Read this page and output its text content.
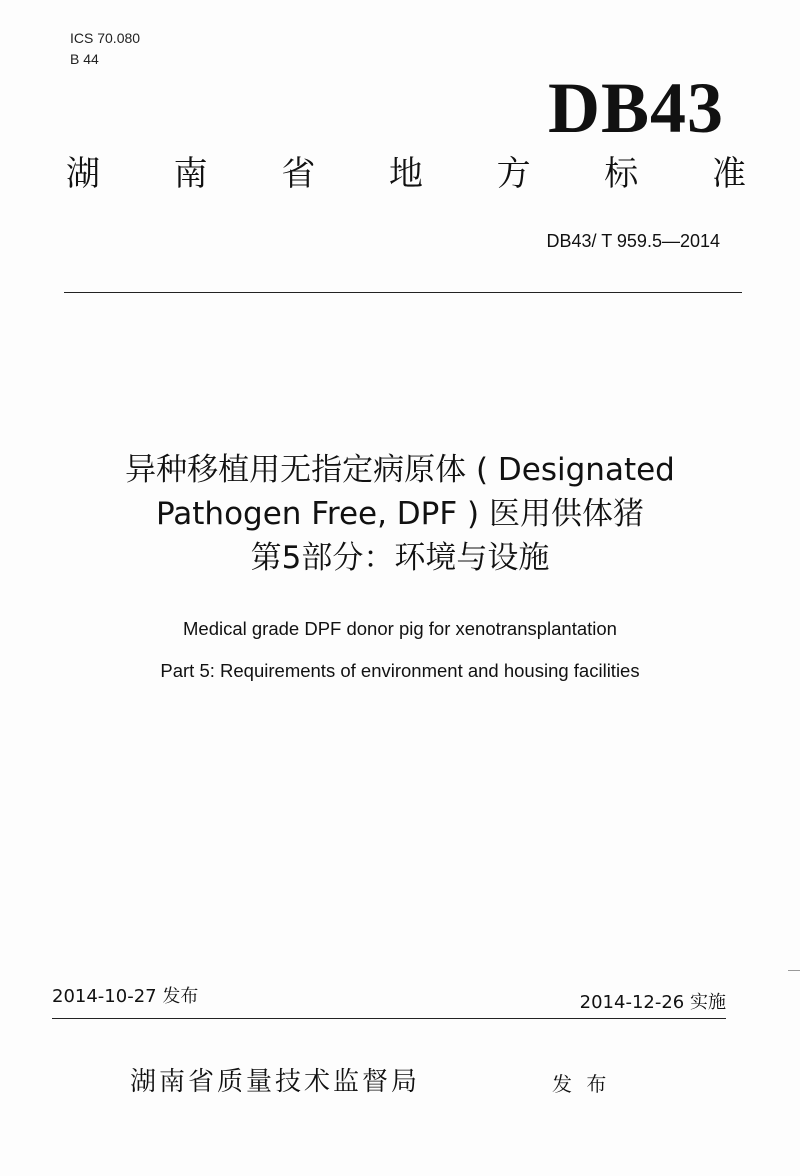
ICS 70.080
B 44
DB43
湖 南 省 地 方 标 准
DB43/ T 959.5—2014
异种移植用无指定病原体 ( Designated
Pathogen Free, DPF ) 医用供体猪
第5部分：环境与设施
Medical grade DPF donor pig for xenotransplantation
Part 5: Requirements of environment and housing facilities
2014-10-27 发布	2014-12-26 实施
湖南省质量技术监督局	发 布
